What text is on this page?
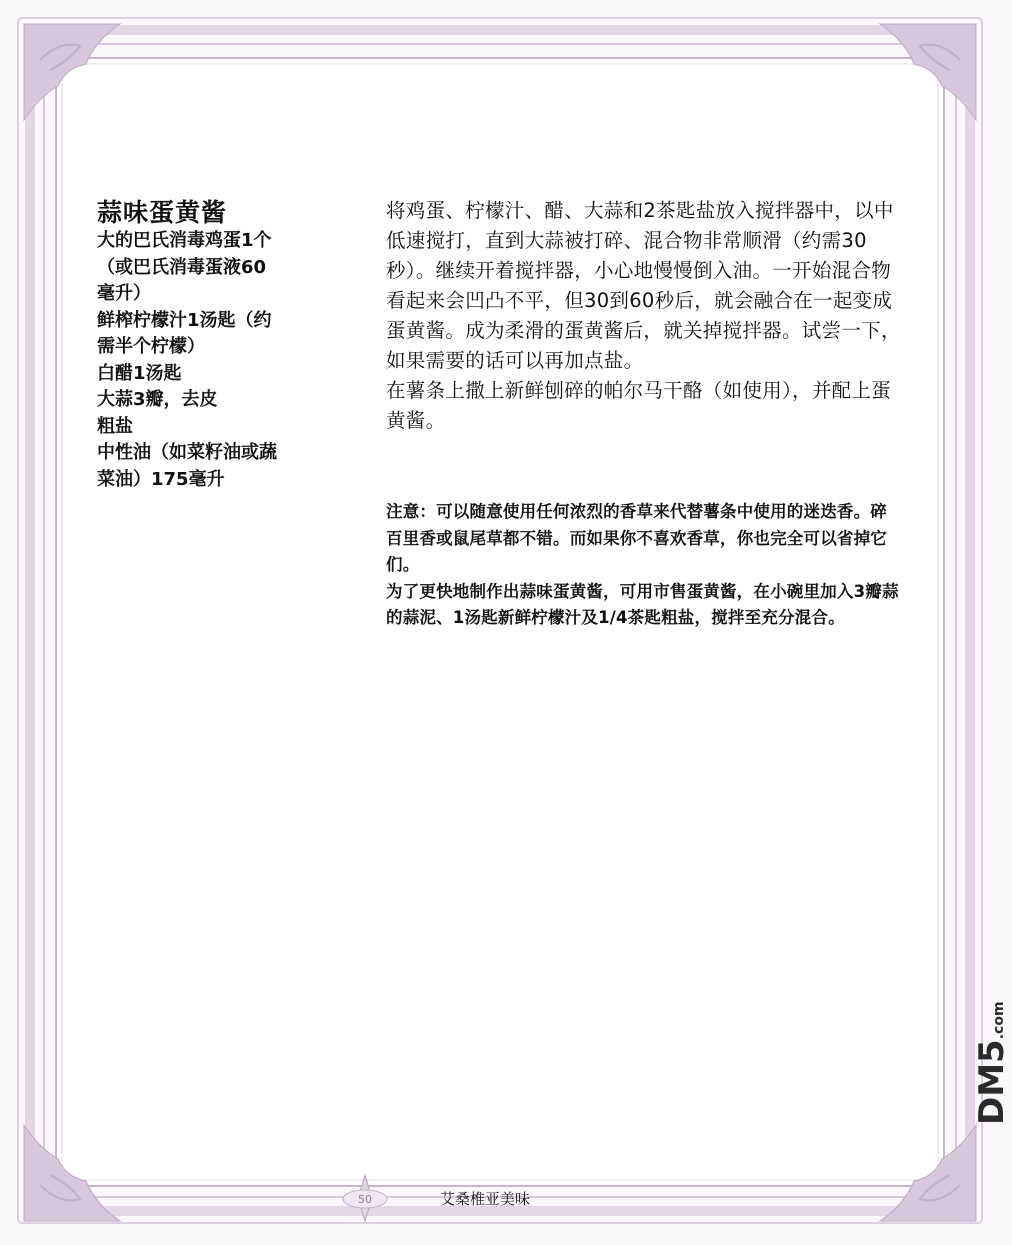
蒜味蛋黄酱
大的巴氏消毒鸡蛋1个
（或巴氏消毒蛋液60
毫升）
鲜榨柠檬汁1汤匙（约
需半个柠檬）
白醋1汤匙
大蒜3瓣，去皮
粗盐
中性油（如菜籽油或蔬
菜油）175毫升

将鸡蛋、柠檬汁、醋、大蒜和2茶匙盐放入搅拌器中，以中低速搅打，直到大蒜被打碎、混合物非常顺滑（约需30秒）。继续开着搅拌器，小心地慢慢倒入油。一开始混合物看起来会凹凸不平，但30到60秒后，就会融合在一起变成蛋黄酱。成为柔滑的蛋黄酱后，就关掉搅拌器。试尝一下，如果需要的话可以再加点盐。

在薯条上撒上新鲜刨碎的帕尔马干酪（如使用），并配上蛋黄酱。

注意：可以随意使用任何浓烈的香草来代替薯条中使用的迷迭香。碎百里香或鼠尾草都不错。而如果你不喜欢香草，你也完全可以省掉它们。

为了更快地制作出蒜味蛋黄酱，可用市售蛋黄酱，在小碗里加入3瓣蒜的蒜泥、1汤匙新鲜柠檬汁及1/4茶匙粗盐，搅拌至充分混合。

50	艾桑椎亚美味
DM5.com
